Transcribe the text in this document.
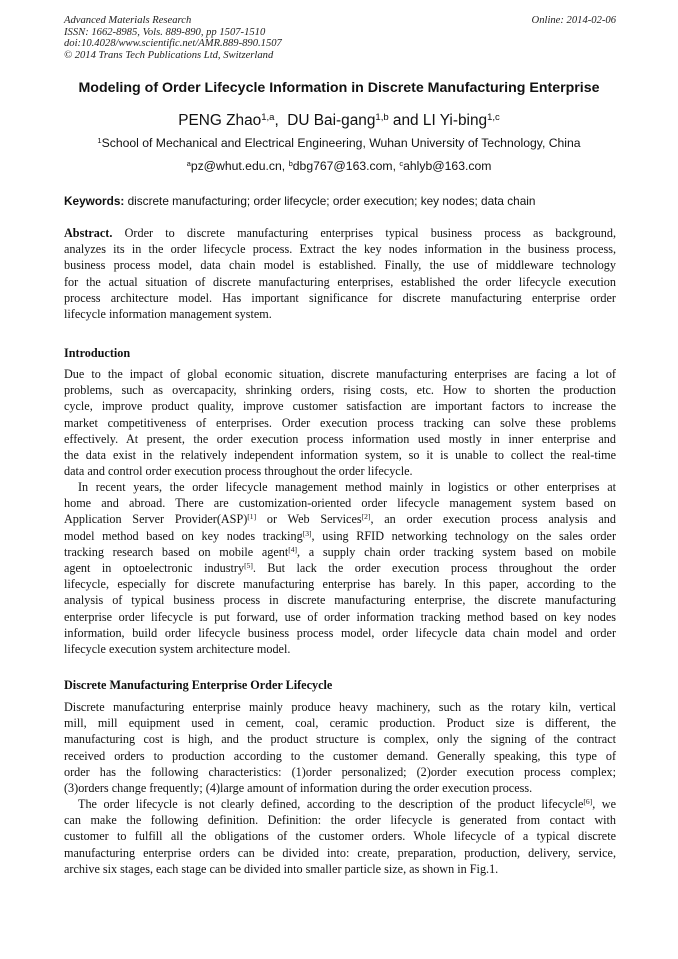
Advanced Materials Research
ISSN: 1662-8985, Vols. 889-890, pp 1507-1510
doi:10.4028/www.scientific.net/AMR.889-890.1507
© 2014 Trans Tech Publications Ltd, Switzerland
Online: 2014-02-06
Modeling of Order Lifecycle Information in Discrete Manufacturing Enterprise
PENG Zhao$^{1,a}$,  DU Bai-gang$^{1,b}$ and LI Yi-bing$^{1,c}$
$^1$School of Mechanical and Electrical Engineering, Wuhan University of Technology, China
$^a$pz@whut.edu.cn, $^b$dbg767@163.com, $^c$ahlyb@163.com
Keywords: discrete manufacturing; order lifecycle; order execution; key nodes; data chain
Abstract. Order to discrete manufacturing enterprises typical business process as background,
analyzes its in the order lifecycle process. Extract the key nodes information in the business process,
business process model, data chain model is established. Finally, the use of middleware technology
for the actual situation of discrete manufacturing enterprises, established the order lifecycle execution
process architecture model. Has important significance for discrete manufacturing enterprise order
lifecycle information management system.
Introduction
Due to the impact of global economic situation, discrete manufacturing enterprises are facing a lot of
problems, such as overcapacity, shrinking orders, rising costs, etc. How to shorten the production
cycle, improve product quality, improve customer satisfaction are important factors to increase the
market competitiveness of enterprises. Order execution process tracking can solve these problems
effectively. At present, the order execution process information used mostly in inner enterprise and
the data exist in the relatively independent information system, so it is unable to collect the real-time
data and control order execution process throughout the order lifecycle.
In recent years, the order lifecycle management method mainly in logistics or other enterprises at
home and abroad. There are customization-oriented order lifecycle management system based on
Application Server Provider(ASP)[1] or Web Services[2], an order execution process analysis and
model method based on key nodes tracking[3], using RFID networking technology on the sales order
tracking research based on mobile agent[4], a supply chain order tracking system based on mobile
agent in optoelectronic industry[5]. But lack the order execution process throughout the order
lifecycle, especially for discrete manufacturing enterprise has barely. In this paper, according to the
analysis of typical business process in discrete manufacturing enterprise, the discrete manufacturing
enterprise order lifecycle is put forward, use of order information tracking method based on key nodes
information, build order lifecycle business process model, order lifecycle data chain model and order
lifecycle execution system architecture model.
Discrete Manufacturing Enterprise Order Lifecycle
Discrete manufacturing enterprise mainly produce heavy machinery, such as the rotary kiln, vertical
mill, mill equipment used in cement, coal, ceramic production. Product size is different, the
manufacturing cost is high, and the product structure is complex, only the signing of the contract
received orders to production according to the customer demand. Generally speaking, this type of
order has the following characteristics: (1)order personalized; (2)order execution process complex;
(3)orders change frequently; (4)large amount of information during the order execution process.
The order lifecycle is not clearly defined, according to the description of the product lifecycle[6], we
can make the following definition. Definition: the order lifecycle is generated from contact with
customer to fulfill all the obligations of the customer orders. Whole lifecycle of a typical discrete
manufacturing enterprise orders can be divided into: create, preparation, production, delivery, service,
archive six stages, each stage can be divided into smaller particle size, as shown in Fig.1.
